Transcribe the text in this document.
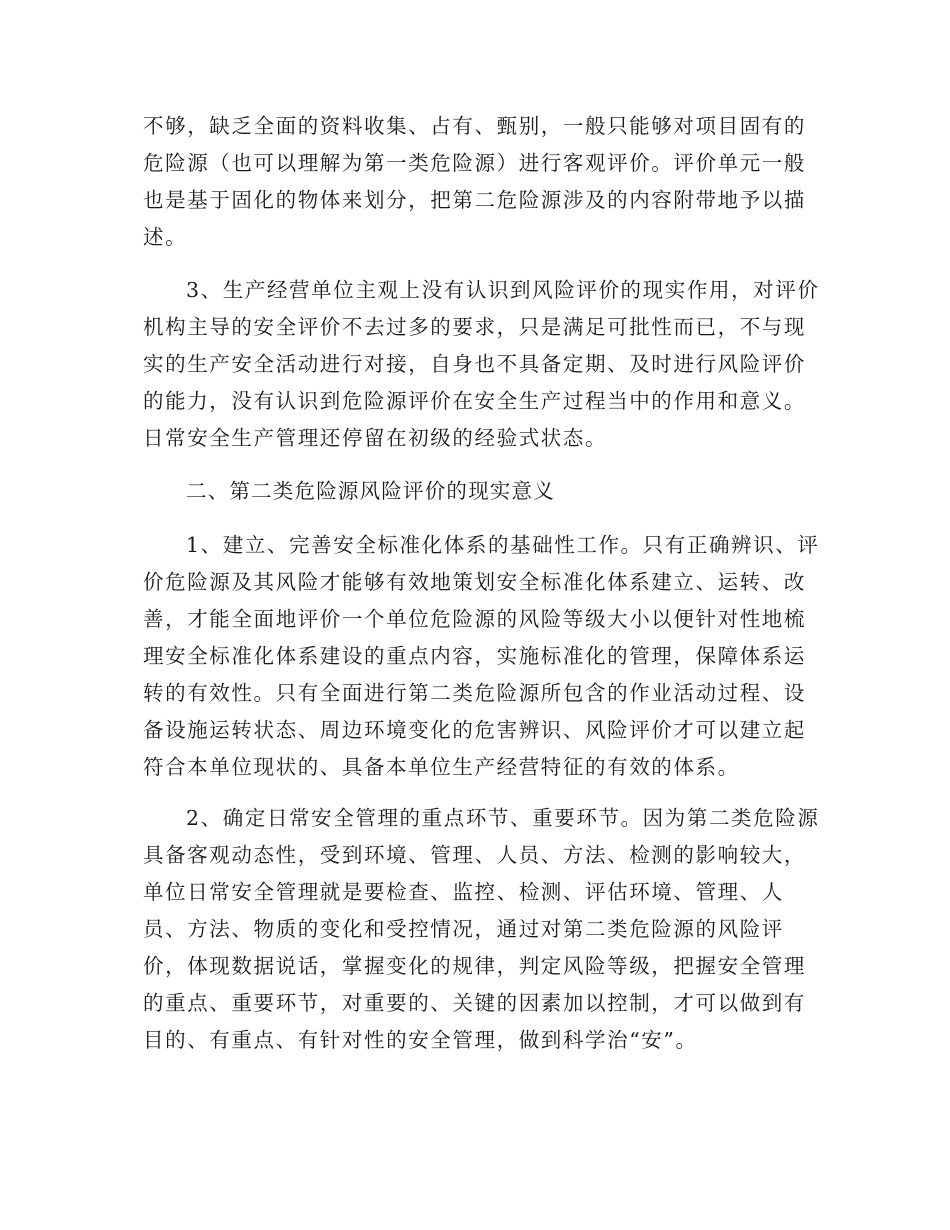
不够，缺乏全面的资料收集、占有、甄别，一般只能够对项目固有的
危险源（也可以理解为第一类危险源）进行客观评价。评价单元一般
也是基于固化的物体来划分，把第二危险源涉及的内容附带地予以描
述。
3、生产经营单位主观上没有认识到风险评价的现实作用，对评价
机构主导的安全评价不去过多的要求，只是满足可批性而已，不与现
实的生产安全活动进行对接，自身也不具备定期、及时进行风险评价
的能力，没有认识到危险源评价在安全生产过程当中的作用和意义。
日常安全生产管理还停留在初级的经验式状态。
二、第二类危险源风险评价的现实意义
1、建立、完善安全标准化体系的基础性工作。只有正确辨识、评
价危险源及其风险才能够有效地策划安全标准化体系建立、运转、改
善，才能全面地评价一个单位危险源的风险等级大小以便针对性地梳
理安全标准化体系建设的重点内容，实施标准化的管理，保障体系运
转的有效性。只有全面进行第二类危险源所包含的作业活动过程、设
备设施运转状态、周边环境变化的危害辨识、风险评价才可以建立起
符合本单位现状的、具备本单位生产经营特征的有效的体系。
2、确定日常安全管理的重点环节、重要环节。因为第二类危险源
具备客观动态性，受到环境、管理、人员、方法、检测的影响较大，
单位日常安全管理就是要检查、监控、检测、评估环境、管理、人
员、方法、物质的变化和受控情况，通过对第二类危险源的风险评
价，体现数据说话，掌握变化的规律，判定风险等级，把握安全管理
的重点、重要环节，对重要的、关键的因素加以控制，才可以做到有
目的、有重点、有针对性的安全管理，做到科学治“安”。
